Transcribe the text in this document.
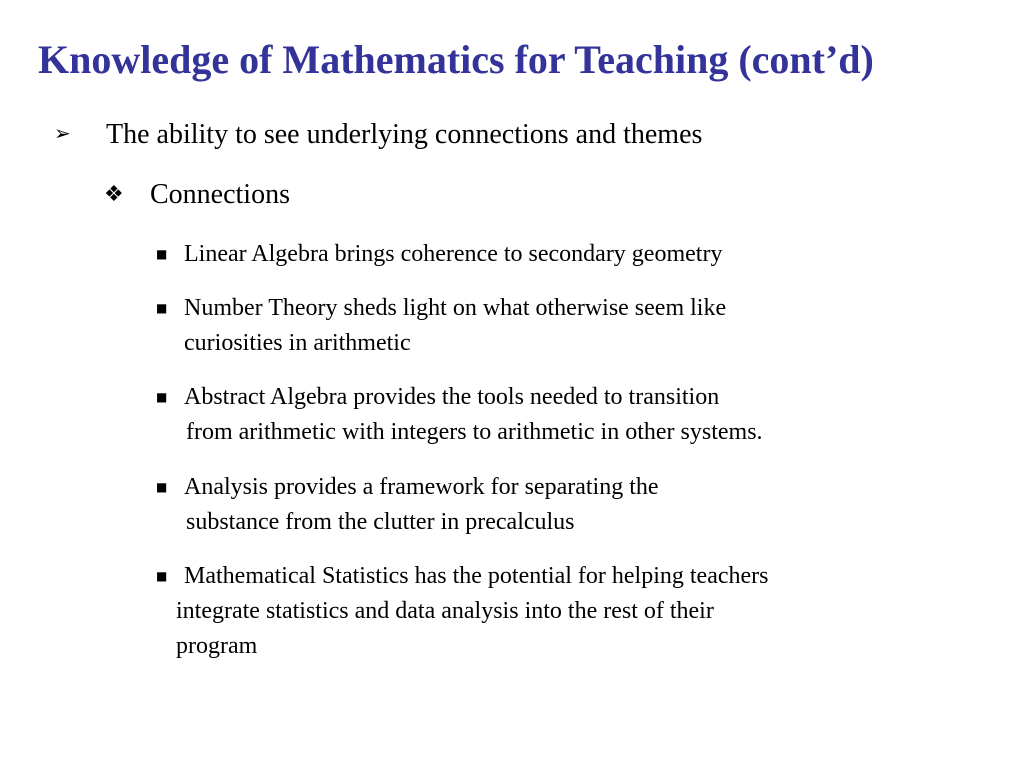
Knowledge of Mathematics for Teaching (cont’d)
➢ The ability to see underlying connections and themes
❖ Connections
■ Linear Algebra brings coherence to secondary geometry
■ Number Theory sheds light on what otherwise seem like
curiosities in arithmetic
■ Abstract Algebra provides the tools needed to transition
from arithmetic with integers to arithmetic in other systems.
■ Analysis provides a framework for separating the
substance from the clutter in precalculus
■ Mathematical Statistics has the potential for helping teachers
integrate statistics and data analysis into the rest of their
program
